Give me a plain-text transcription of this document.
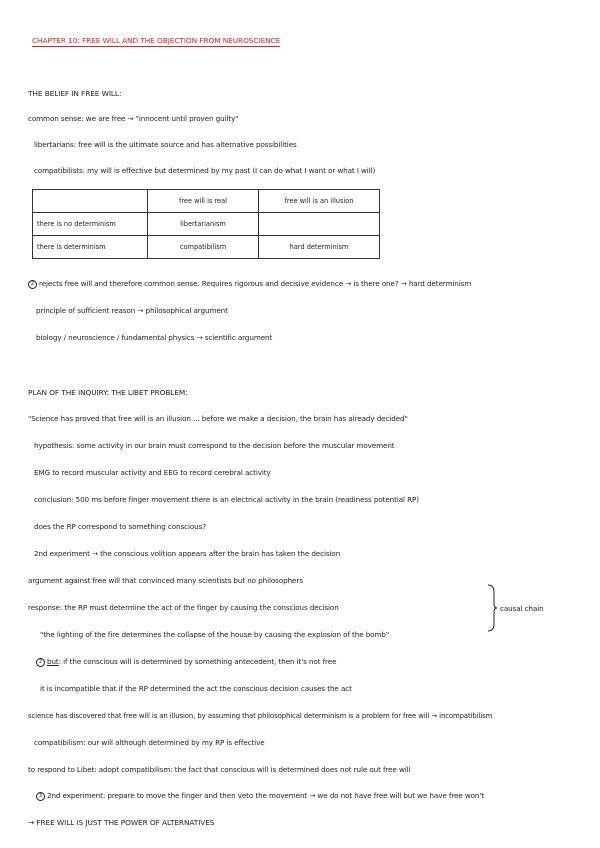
CHAPTER 10: FREE WILL AND THE OBJECTION FROM NEUROSCIENCE
THE BELIEF IN FREE WILL:
common sense: we are free → "innocent until proven guilty"
libertarians: free will is the ultimate source and has alternative possibilities
compatibilists: my will is effective but determined by my past (I can do what I want or what I will)
	free will is real	free will is an illusion
there is no determinism	libertarianism	
there is determinism	compatibilism	hard determinism
2 rejects free will and therefore common sense. Requires rigorous and decisive evidence → is there one? → hard determinism
principle of sufficient reason → philosophical argument
biology / neuroscience / fundamental physics → scientific argument
PLAN OF THE INQUIRY: THE LIBET PROBLEM:
"Science has proved that free will is an illusion ... before we make a decision, the brain has already decided"
hypothesis: some activity in our brain must correspond to the decision before the muscular movement
EMG to record muscular activity and EEG to record cerebral activity
conclusion: 500 ms before finger movement there is an electrical activity in the brain (readiness potential RP)
does the RP correspond to something conscious?
2nd experiment → the conscious volition appears after the brain has taken the decision
argument against free will that convinced many scientists but no philosophers
response: the RP must determine the act of the finger by causing the conscious decision	causal chain
"the lighting of the fire determines the collapse of the house by causing the explosion of the bomb"
2 but: if the conscious will is determined by something antecedent, then it's not free
it is incompatible that if the RP determined the act the conscious decision causes the act
science has discovered that free will is an illusion, by assuming that philosophical determinism is a problem for free will → incompatibilism
compatibilism: our will although determined by my RP is effective
to respond to Libet: adopt compatibilism: the fact that conscious will is determined does not rule out free will
3 2nd experiment: prepare to move the finger and then veto the movement → we do not have free will but we have free won't
→ FREE WILL IS JUST THE POWER OF ALTERNATIVES
